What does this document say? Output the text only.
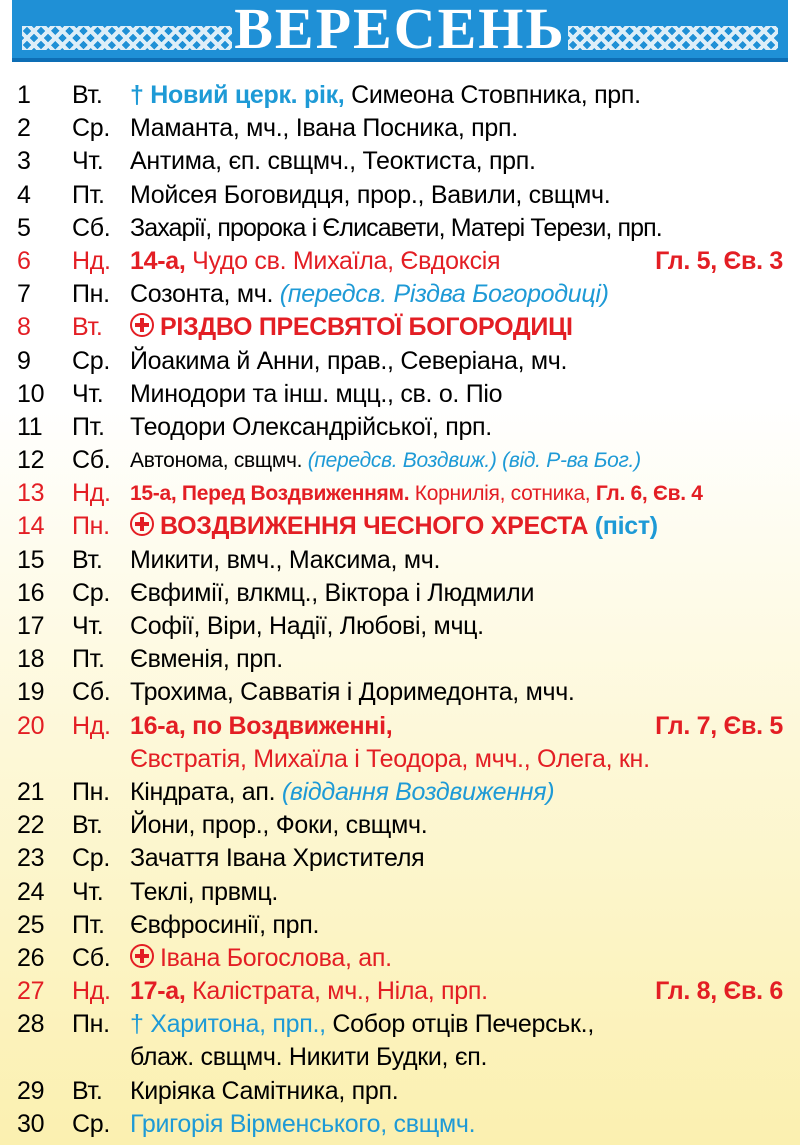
ВЕРЕСЕНЬ
1	Вт.	† Новий церк. рік, Симеона Стовпника, прп.
2	Ср. Маманта, мч., Івана Посника, прп.
3	Чт.	Антима, єп. свщмч., Теоктиста, прп.
4	Пт.	Мойсея Боговидця, прор., Вавили, свщмч.
5	Сб. Захарії, пророка і Єлисавети, Матері Терези, прп.
6	Нд. 14-а, Чудо св. Михаїла, Євдоксія	Гл. 5, Єв. 3
7	Пн. Созонта, мч. (передсв. Різдва Богородиці)
8	Вт.	РІЗДВО ПРЕСВЯТОЇ БОГОРОДИЦІ
9	Ср. Йоакима й Анни, прав., Северіана, мч.
10	Чт.	Минодори та інш. мцц., св. о. Піо
11	Пт.	Теодори Олександрійської, прп.
12	Сб. Автонома, свщмч. (передсв. Воздвиж.) (від. Р-ва Бог.)
13	Нд. 15-а, Перед Воздвиженням. Корнилія, сотника, Гл. 6, Єв. 4
14	Пн.	ВОЗДВИЖЕННЯ ЧЕСНОГО ХРЕСТА (піст)
15	Вт.	Микити, вмч., Максима, мч.
16	Ср. Євфимії, влкмц., Віктора і Людмили
17	Чт.	Софії, Віри, Надії, Любові, мчц.
18	Пт.	Євменія, прп.
19	Сб. Трохима, Савватія і Доримедонта, мчч.
20	Нд. 16-а, по Воздвиженні,	Гл. 7, Єв. 5
Євстратія, Михаїла і Теодора, мчч., Олега, кн.
21	Пн. Кіндрата, ап. (віддання Воздвиження)
22	Вт.	Йони, прор., Фоки, свщмч.
23	Ср. Зачаття Івана Христителя
24	Чт.	Теклі, првмц.
25	Пт.	Євфросинії, прп.
26	Сб.	Івана Богослова, ап.
27	Нд. 17-а, Калістрата, мч., Ніла, прп.	Гл. 8, Єв. 6
28	Пн. † Харитона, прп., Собор отців Печерськ.,
блаж. свщмч. Никити Будки, єп.
29	Вт.	Киріяка Самітника, прп.
30	Ср. Григорія Вірменського, свщмч.
